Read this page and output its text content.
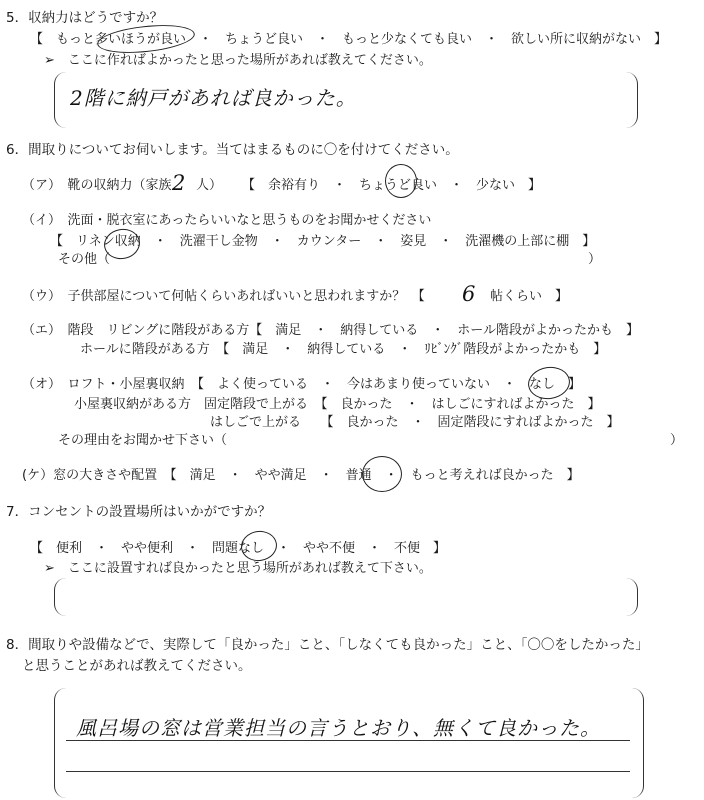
5．収納力はどうですか？
【　もっと多いほうが良い　・　ちょうど良い　・　もっと少なくても良い　・　欲しい所に収納がない　】
➢　ここに作ればよかったと思った場所があれば教えてください。
2階に納戸があれば良かった。
6．間取りについてお伺いします。当てはまるものに〇を付けてください。
（ア）　靴の収納力（家族 2 人） 【　余裕有り　・　ちょうど良い　・　少ない　】
（イ）　洗面・脱衣室にあったらいいなと思うものをお聞かせください
【　リネン収納　・　洗濯干し金物　・　カウンター　・　姿見　・　洗濯機の上部に棚　】
その他（	）
（ウ）　子供部屋について何帖くらいあればいいと思われますか？　【 6 帖くらい　】
（エ）　階段　リビングに階段がある方【　満足　・　納得している　・　ホール階段がよかったかも　】
ホールに階段がある方　【　満足　・　納得している　・　ﾘﾋﾞﾝｸﾞ階段がよかったかも　】
（オ）　ロフト・小屋裏収納　【　よく使っている　・　今はあまり使っていない　・　なし　】
小屋裏収納がある方　固定階段で上がる　【　良かった　・　はしごにすればよかった　】
はしごで上がる　　【　良かった　・　固定階段にすればよかった　】
その理由をお聞かせ下さい（	）
(ケ）窓の大きさや配置　【　満足　・　やや満足　・　普通　・　もっと考えれば良かった　】
7．コンセントの設置場所はいかがですか？
【　便利　・　やや便利　・　問題なし　・　やや不便　・　不便　】
➢　ここに設置すれば良かったと思う場所があれば教えて下さい。
8．間取りや設備などで、実際して「良かった」こと、「しなくても良かった」こと、「〇〇をしたかった」
と思うことがあれば教えてください。
風呂場の窓は営業担当の言うとおり、無くて良かった。
